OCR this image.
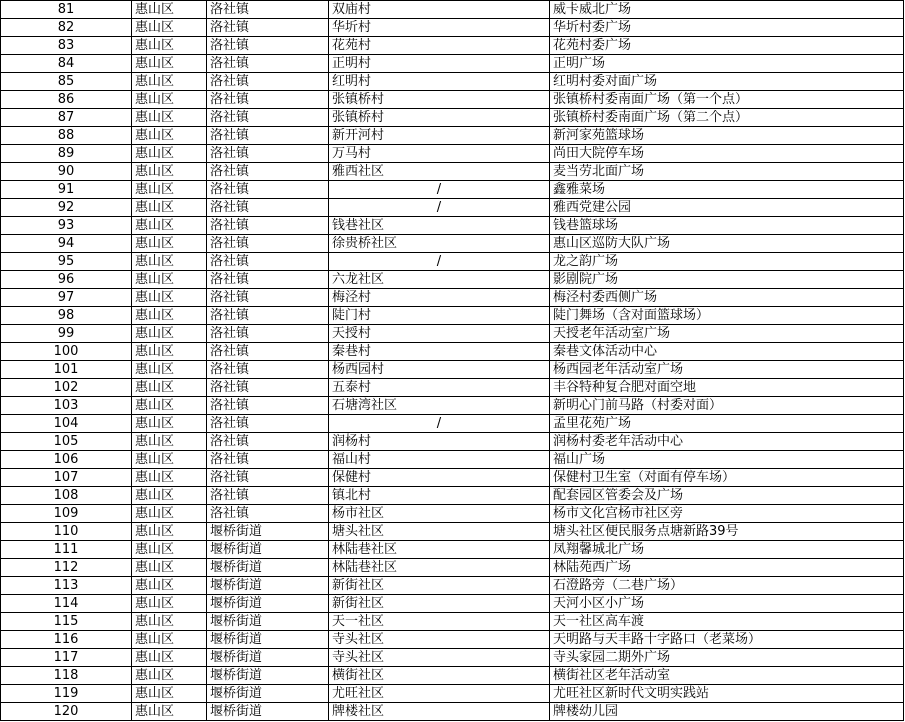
81	惠山区	洛社镇	双庙村	威卡威北广场
82	惠山区	洛社镇	华圻村	华圻村委广场
83	惠山区	洛社镇	花苑村	花苑村委广场
84	惠山区	洛社镇	正明村	正明广场
85	惠山区	洛社镇	红明村	红明村委对面广场
86	惠山区	洛社镇	张镇桥村	张镇桥村委南面广场（第一个点）
87	惠山区	洛社镇	张镇桥村	张镇桥村委南面广场（第二个点）
88	惠山区	洛社镇	新开河村	新河家苑篮球场
89	惠山区	洛社镇	万马村	尚田大院停车场
90	惠山区	洛社镇	雅西社区	麦当劳北面广场
91	惠山区	洛社镇	/	鑫雅菜场
92	惠山区	洛社镇	/	雅西党建公园
93	惠山区	洛社镇	钱巷社区	钱巷篮球场
94	惠山区	洛社镇	徐贵桥社区	惠山区巡防大队广场
95	惠山区	洛社镇	/	龙之韵广场
96	惠山区	洛社镇	六龙社区	影剧院广场
97	惠山区	洛社镇	梅泾村	梅泾村委西侧广场
98	惠山区	洛社镇	陡门村	陡门舞场（含对面篮球场）
99	惠山区	洛社镇	天授村	天授老年活动室广场
100	惠山区	洛社镇	秦巷村	秦巷文体活动中心
101	惠山区	洛社镇	杨西园村	杨西园老年活动室广场
102	惠山区	洛社镇	五泰村	丰谷特种复合肥对面空地
103	惠山区	洛社镇	石塘湾社区	新明心门前马路（村委对面）
104	惠山区	洛社镇	/	孟里花苑广场
105	惠山区	洛社镇	润杨村	润杨村委老年活动中心
106	惠山区	洛社镇	福山村	福山广场
107	惠山区	洛社镇	保健村	保健村卫生室（对面有停车场）
108	惠山区	洛社镇	镇北村	配套园区管委会及广场
109	惠山区	洛社镇	杨市社区	杨市文化宫杨市社区旁
110	惠山区	堰桥街道	塘头社区	塘头社区便民服务点塘新路39号
111	惠山区	堰桥街道	林陆巷社区	凤翔馨城北广场
112	惠山区	堰桥街道	林陆巷社区	林陆苑西广场
113	惠山区	堰桥街道	新街社区	石澄路旁（二巷广场）
114	惠山区	堰桥街道	新街社区	天河小区小广场
115	惠山区	堰桥街道	天一社区	天一社区高车渡
116	惠山区	堰桥街道	寺头社区	天明路与天丰路十字路口（老菜场）
117	惠山区	堰桥街道	寺头社区	寺头家园二期外广场
118	惠山区	堰桥街道	横街社区	横街社区老年活动室
119	惠山区	堰桥街道	尤旺社区	尤旺社区新时代文明实践站
120	惠山区	堰桥街道	牌楼社区	牌楼幼儿园
